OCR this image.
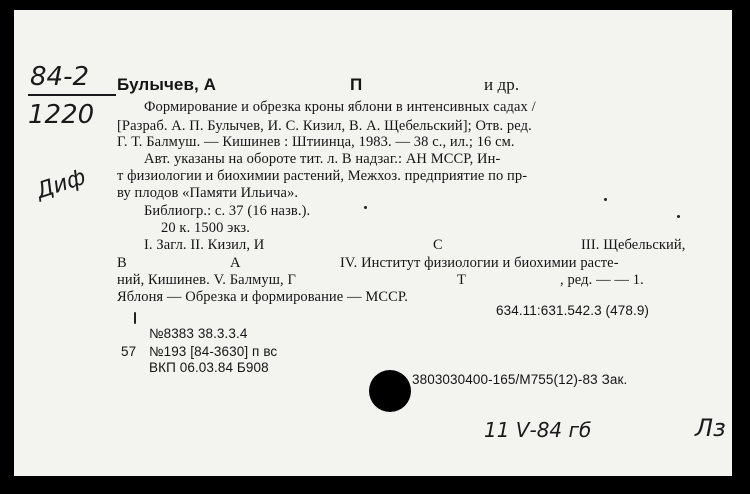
84-2
1220
Диф
Булычев, А	П	и др.
Формирование и обрезка кроны яблони в интенсивных садах /
[Разраб. А. П. Булычев, И. С. Кизил, В. А. Щебельский]; Отв. ред.
Г. Т. Балмуш. — Кишинев : Штиинца, 1983. — 38 с., ил.; 16 см.
Авт. указаны на обороте тит. л. В надзаг.: АН МССР, Ин-
т физиологии и биохимии растений, Межхоз. предприятие по пр-
ву плодов «Памяти Ильича».
Библиогр.: с. 37 (16 назв.).
20 к. 1500 экз.
I. Загл. II. Кизил, И	С	III. Щебельский,
В	А	IV. Институт физиологии и биохимии расте-
ний, Кишинев. V. Балмуш, Г	Т	, ред. — — 1.
Яблоня — Обрезка и формирование — МССР.
634.11:631.542.3 (478.9)
№8383 38.3.3.4
57 №193 [84-3630] п вс
ВКП 06.03.84 Б908
3803030400-165/М755(12)-83 Зак.
11 Ⅴ-84 гб	Лз
